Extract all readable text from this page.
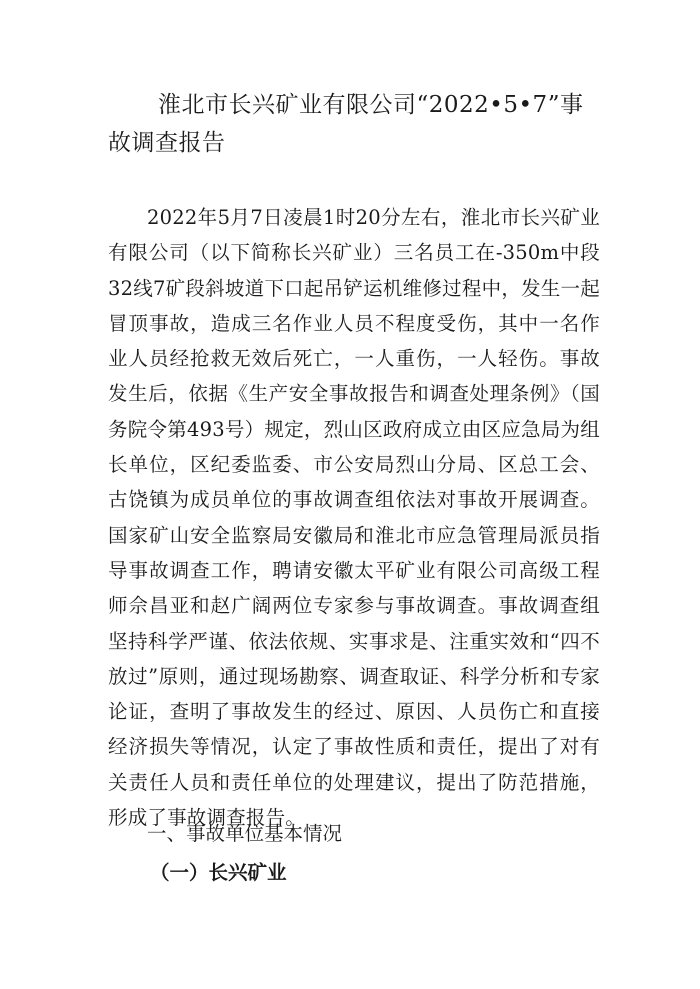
淮北市长兴矿业有限公司“2022•5•7”事故调查报告

2022年5月7日凌晨1时20分左右，淮北市长兴矿业有限公司（以下简称长兴矿业）三名员工在-350m中段32线7矿段斜坡道下口起吊铲运机维修过程中，发生一起冒顶事故，造成三名作业人员不程度受伤，其中一名作业人员经抢救无效后死亡，一人重伤，一人轻伤。事故发生后，依据《生产安全事故报告和调查处理条例》（国务院令第493号）规定，烈山区政府成立由区应急局为组长单位，区纪委监委、市公安局烈山分局、区总工会、古饶镇为成员单位的事故调查组依法对事故开展调查。国家矿山安全监察局安徽局和淮北市应急管理局派员指导事故调查工作，聘请安徽太平矿业有限公司高级工程师佘昌亚和赵广阔两位专家参与事故调查。事故调查组坚持科学严谨、依法依规、实事求是、注重实效和“四不放过”原则，通过现场勘察、调查取证、科学分析和专家论证，查明了事故发生的经过、原因、人员伤亡和直接经济损失等情况，认定了事故性质和责任，提出了对有关责任人员和责任单位的处理建议，提出了防范措施，形成了事故调查报告。

一、事故单位基本情况
（一）长兴矿业
